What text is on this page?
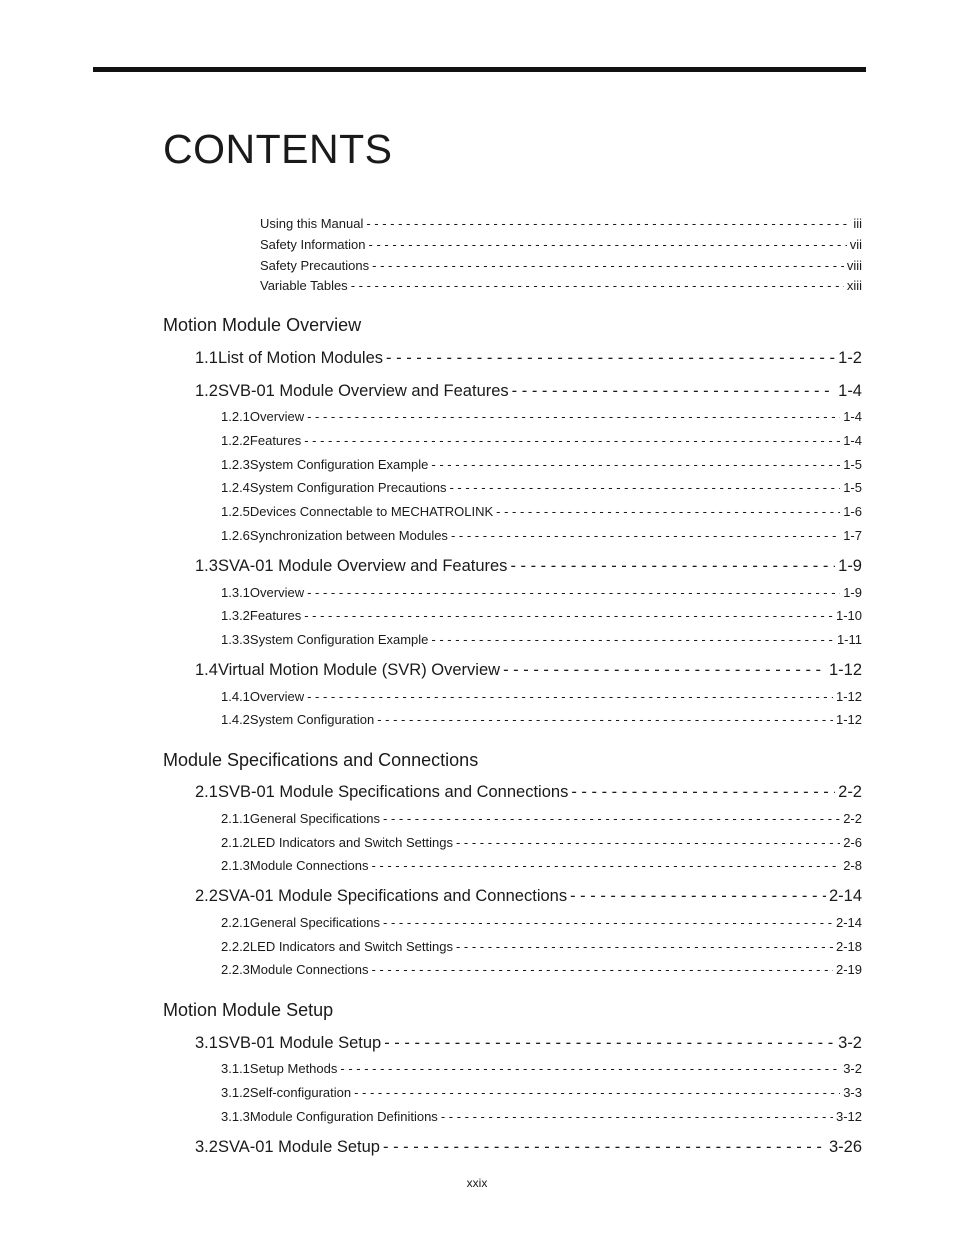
CONTENTS
Using this Manual - - -	iii
Safety Information - - -	vii
Safety Precautions - - -	viii
Variable Tables - - -	xiii
Motion Module Overview
1.1 List of Motion Modules - - -	1-2
1.2 SVB-01 Module Overview and Features - - -	1-4
1.2.1 Overview - - -	1-4
1.2.2 Features - - -	1-4
1.2.3 System Configuration Example - - -	1-5
1.2.4 System Configuration Precautions - - -	1-5
1.2.5 Devices Connectable to MECHATROLINK - - -	1-6
1.2.6 Synchronization between Modules - - -	1-7
1.3 SVA-01 Module Overview and Features - - -	1-9
1.3.1 Overview - - -	1-9
1.3.2 Features - - -	1-10
1.3.3 System Configuration Example - - -	1-11
1.4 Virtual Motion Module (SVR) Overview - - -	1-12
1.4.1 Overview - - -	1-12
1.4.2 System Configuration - - -	1-12
Module Specifications and Connections
2.1 SVB-01 Module Specifications and Connections - - -	2-2
2.1.1 General Specifications - - -	2-2
2.1.2 LED Indicators and Switch Settings - - -	2-6
2.1.3 Module Connections - - -	2-8
2.2 SVA-01 Module Specifications and Connections - - -	2-14
2.2.1 General Specifications - - -	2-14
2.2.2 LED Indicators and Switch Settings - - -	2-18
2.2.3 Module Connections - - -	2-19
Motion Module Setup
3.1 SVB-01 Module Setup - - -	3-2
3.1.1 Setup Methods - - -	3-2
3.1.2 Self-configuration - - -	3-3
3.1.3 Module Configuration Definitions - - -	3-12
3.2 SVA-01 Module Setup - - -	3-26
xxix
